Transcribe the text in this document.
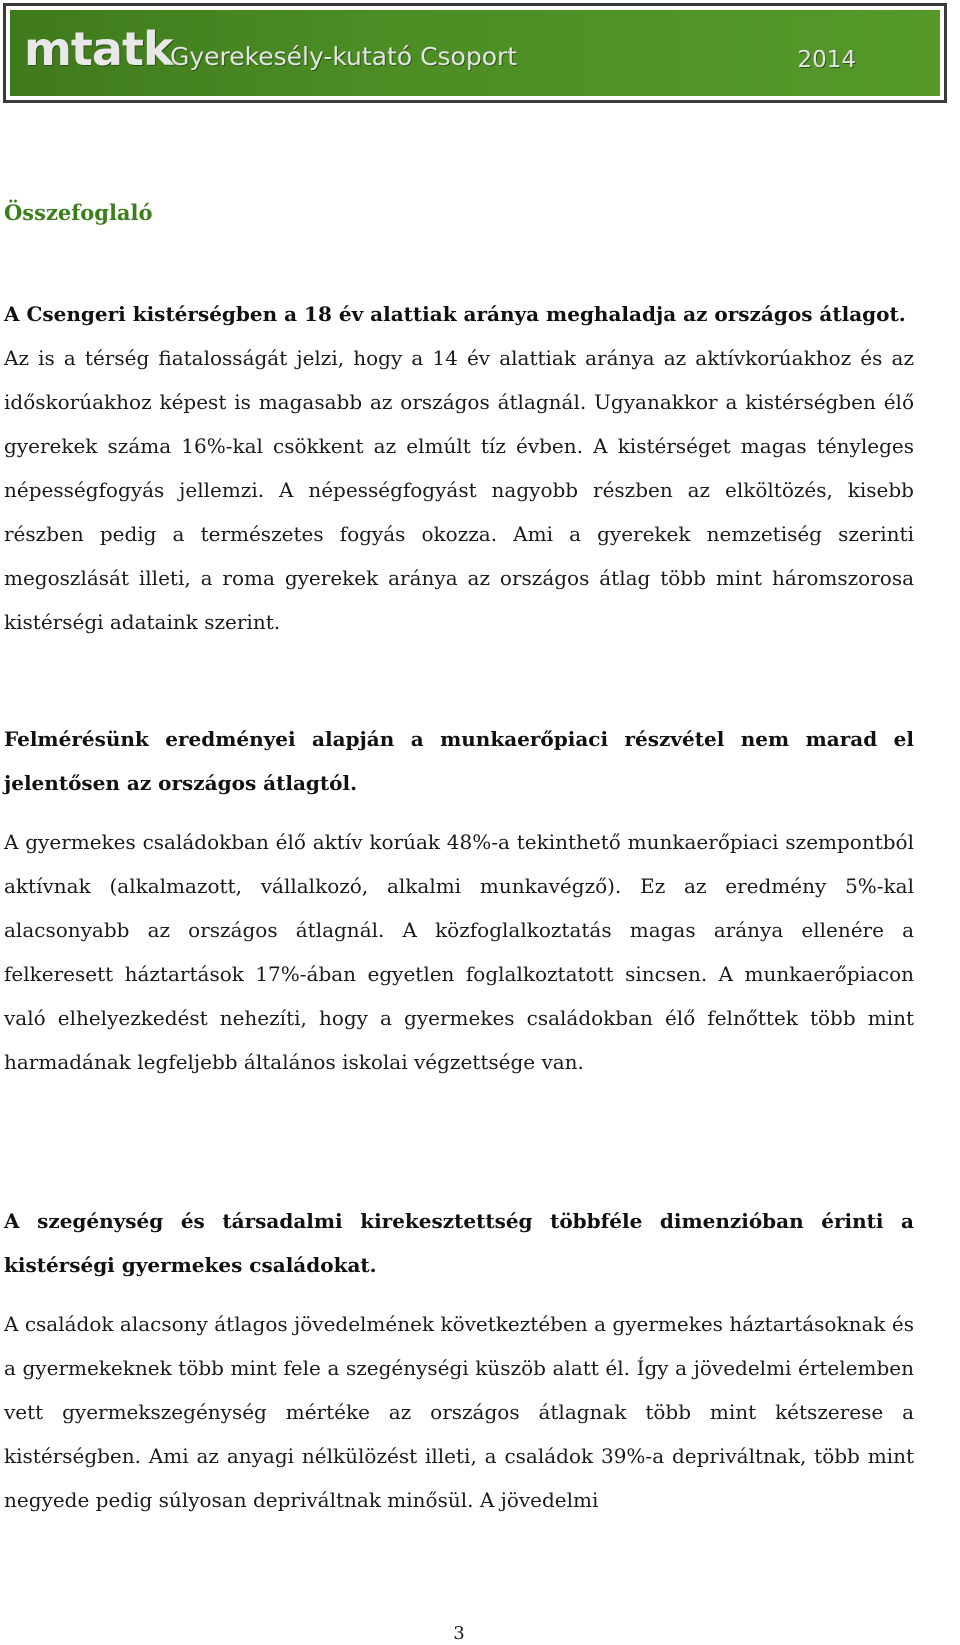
mtatk
Gyerekesély-kutató Csoport	2014
Összefoglaló

A Csengeri kistérségben a 18 év alattiak aránya meghaladja az országos átlagot.

Az is a térség fiatalosságát jelzi, hogy a 14 év alattiak aránya az aktívkorúakhoz és az időskorúakhoz képest is magasabb az országos átlagnál. Ugyanakkor a kistérségben élő gyerekek száma 16%-kal csökkent az elmúlt tíz évben. A kistérséget magas tényleges népességfogyás jellemzi. A népességfogyást nagyobb részben az elköltözés, kisebb részben pedig a természetes fogyás okozza. Ami a gyerekek nemzetiség szerinti megoszlását illeti, a roma gyerekek aránya az országos átlag több mint háromszorosa kistérségi adataink szerint.

Felmérésünk eredményei alapján a munkaerőpiaci részvétel nem marad el jelentősen az országos átlagtól.

A gyermekes családokban élő aktív korúak 48%-a tekinthető munkaerőpiaci szempontból aktívnak (alkalmazott, vállalkozó, alkalmi munkavégző). Ez az eredmény 5%-kal alacsonyabb az országos átlagnál. A közfoglalkoztatás magas aránya ellenére a felkeresett háztartások 17%-ában egyetlen foglalkoztatott sincsen. A munkaerőpiacon való elhelyezkedést nehezíti, hogy a gyermekes családokban élő felnőttek több mint harmadának legfeljebb általános iskolai végzettsége van.

A szegénység és társadalmi kirekesztettség többféle dimenzióban érinti a kistérségi gyermekes családokat.

A családok alacsony átlagos jövedelmének következtében a gyermekes háztartásoknak és a gyermekeknek több mint fele a szegénységi küszöb alatt él. Így a jövedelmi értelemben vett gyermekszegénység mértéke az országos átlagnak több mint kétszerese a kistérségben. Ami az anyagi nélkülözést illeti, a családok 39%-a depriváltnak, több mint negyede pedig súlyosan depriváltnak minősül. A jövedelmi

3
